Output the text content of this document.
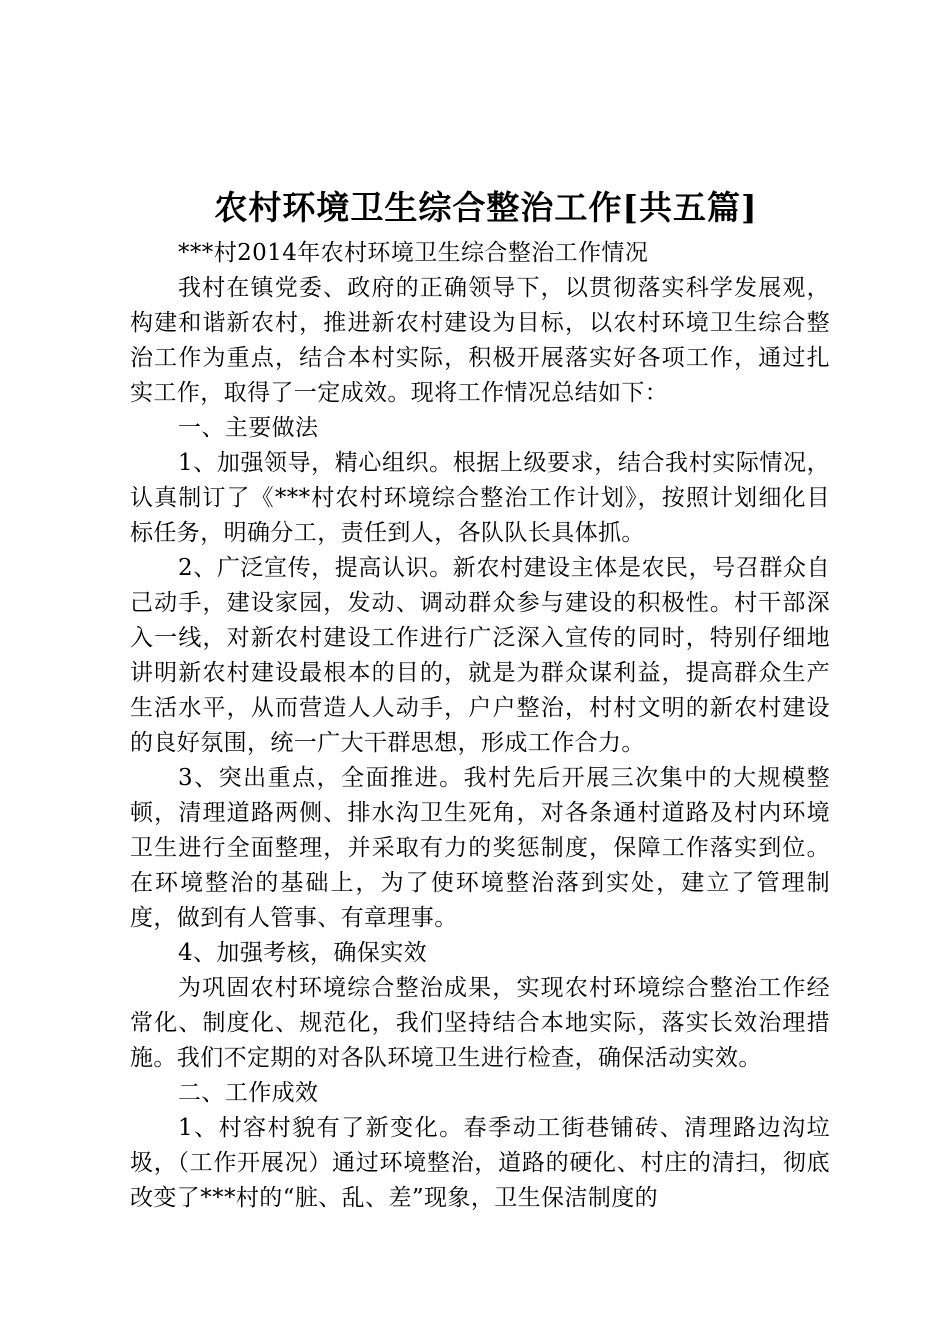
农村环境卫生综合整治工作[共五篇]

***村2014年农村环境卫生综合整治工作情况

我村在镇党委、政府的正确领导下，以贯彻落实科学发展观，构建和谐新农村，推进新农村建设为目标，以农村环境卫生综合整治工作为重点，结合本村实际，积极开展落实好各项工作，通过扎实工作，取得了一定成效。现将工作情况总结如下：

一、主要做法

1、加强领导，精心组织。根据上级要求，结合我村实际情况，认真制订了《***村农村环境综合整治工作计划》，按照计划细化目标任务，明确分工，责任到人，各队队长具体抓。

2、广泛宣传，提高认识。新农村建设主体是农民，号召群众自己动手，建设家园，发动、调动群众参与建设的积极性。村干部深入一线，对新农村建设工作进行广泛深入宣传的同时，特别仔细地讲明新农村建设最根本的目的，就是为群众谋利益，提高群众生产生活水平，从而营造人人动手，户户整治，村村文明的新农村建设的良好氛围，统一广大干群思想，形成工作合力。

3、突出重点，全面推进。我村先后开展三次集中的大规模整顿，清理道路两侧、排水沟卫生死角，对各条通村道路及村内环境卫生进行全面整理，并采取有力的奖惩制度，保障工作落实到位。在环境整治的基础上，为了使环境整治落到实处，建立了管理制度，做到有人管事、有章理事。

4、加强考核，确保实效

为巩固农村环境综合整治成果，实现农村环境综合整治工作经常化、制度化、规范化，我们坚持结合本地实际，落实长效治理措施。我们不定期的对各队环境卫生进行检查，确保活动实效。

二、工作成效

1、村容村貌有了新变化。春季动工街巷铺砖、清理路边沟垃圾，（工作开展况）通过环境整治，道路的硬化、村庄的清扫，彻底改变了***村的“脏、乱、差”现象，卫生保洁制度的
